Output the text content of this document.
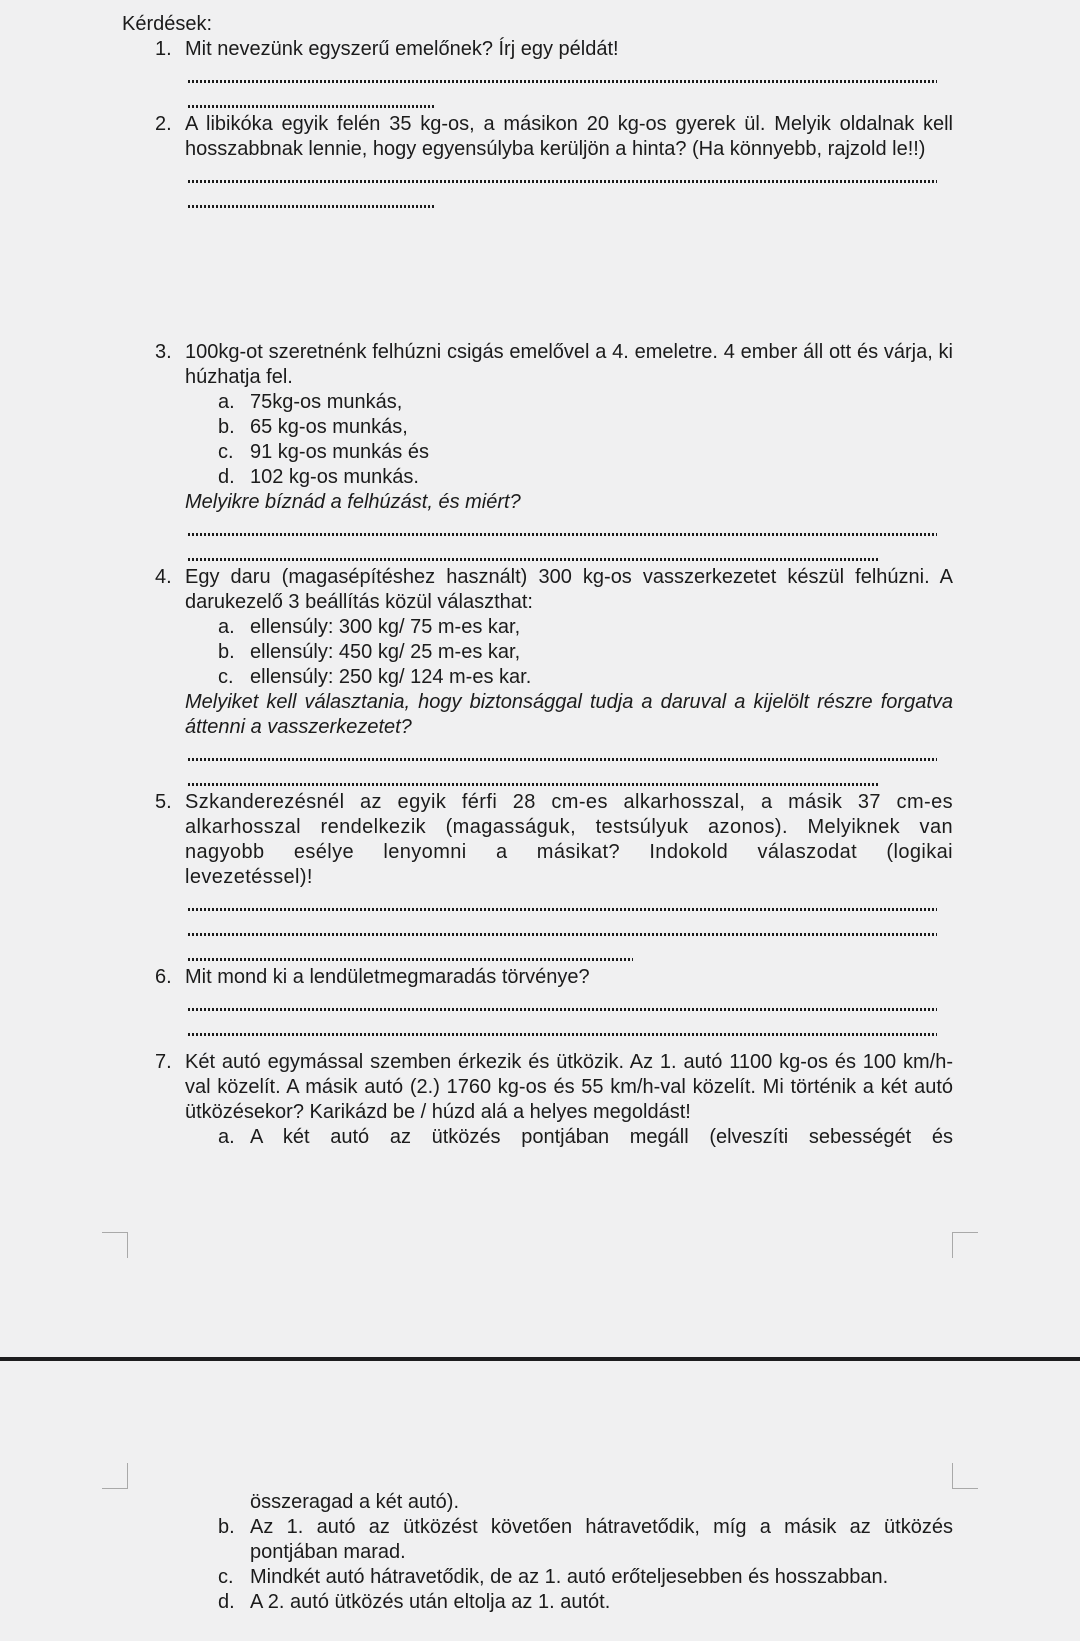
Kérdések:

1. Mit nevezünk egyszerű emelőnek? Írj egy példát!

2. A libikóka egyik felén 35 kg-os, a másikon 20 kg-os gyerek ül. Melyik oldalnak kell hosszabbnak lennie, hogy egyensúlyba kerüljön a hinta? (Ha könnyebb, rajzold le!!)

3. 100kg-ot szeretnénk felhúzni csigás emelővel a 4. emeletre. 4 ember áll ott és várja, ki húzhatja fel.

a. 75kg-os munkás,

b. 65 kg-os munkás,

c. 91 kg-os munkás és

d. 102 kg-os munkás.

Melyikre bíznád a felhúzást, és miért?

4. Egy daru (magasépítéshez használt) 300 kg-os vasszerkezetet készül felhúzni. A darukezelő 3 beállítás közül választhat:

a. ellensúly: 300 kg/ 75 m-es kar,

b. ellensúly: 450 kg/ 25 m-es kar,

c. ellensúly: 250 kg/ 124 m-es kar.

Melyiket kell választania, hogy biztonsággal tudja a daruval a kijelölt részre forgatva áttenni a vasszerkezetet?

5. Szkanderezésnél az egyik férfi 28 cm-es alkarhosszal, a másik 37 cm-es alkarhosszal rendelkezik (magasságuk, testsúlyuk azonos). Melyiknek van nagyobb esélye lenyomni a másikat? Indokold válaszodat (logikai levezetéssel)!

6. Mit mond ki a lendületmegmaradás törvénye?

7. Két autó egymással szemben érkezik és ütközik. Az 1. autó 1100 kg-os és 100 km/h-val közelít. A másik autó (2.) 1760 kg-os és 55 km/h-val közelít. Mi történik a két autó ütközésekor? Karikázd be / húzd alá a helyes megoldást!

a. A két autó az ütközés pontjában megáll (elveszíti sebességét és

összeragad a két autó).

b. Az 1. autó az ütközést követően hátravetődik, míg a másik az ütközés pontjában marad.

c. Mindkét autó hátravetődik, de az 1. autó erőteljesebben és hosszabban.

d. A 2. autó ütközés után eltolja az 1. autót.
